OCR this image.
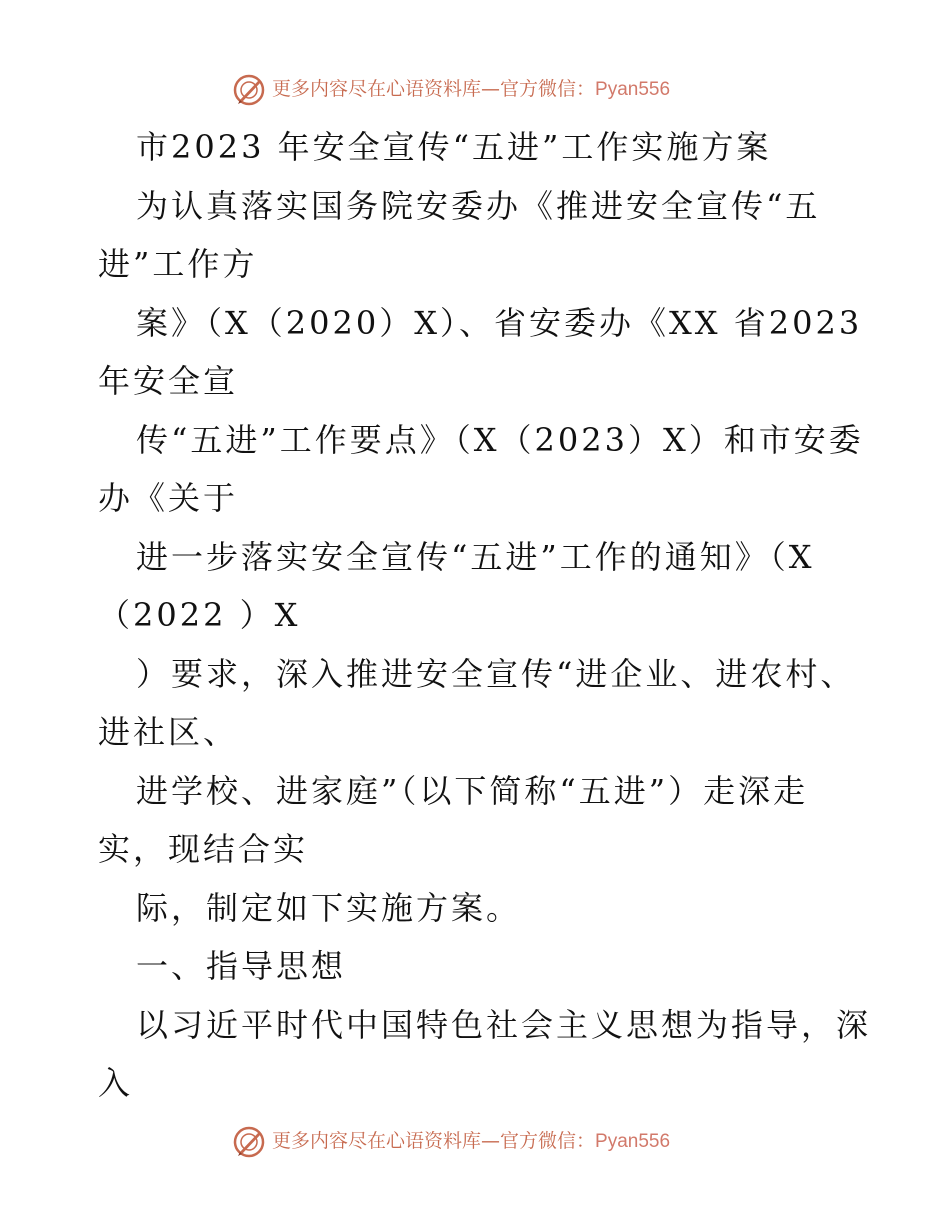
更多内容尽在心语资料库—官方微信：Pyan556
市2023 年安全宣传“五进”工作实施方案
为认真落实国务院安委办《推进安全宣传“五
进”工作方
案》（X（2020）X）、省安委办《XX 省2023
年安全宣
传“五进”工作要点》（X（2023）X）和市安委
办《关于
进一步落实安全宣传“五进”工作的通知》（X
（2022 ）X
）要求，深入推进安全宣传“进企业、进农村、
进社区、
进学校、进家庭”（以下简称“五进”）走深走
实，现结合实
际，制定如下实施方案。
一、指导思想
以习近平时代中国特色社会主义思想为指导，深
入
更多内容尽在心语资料库—官方微信：Pyan556
